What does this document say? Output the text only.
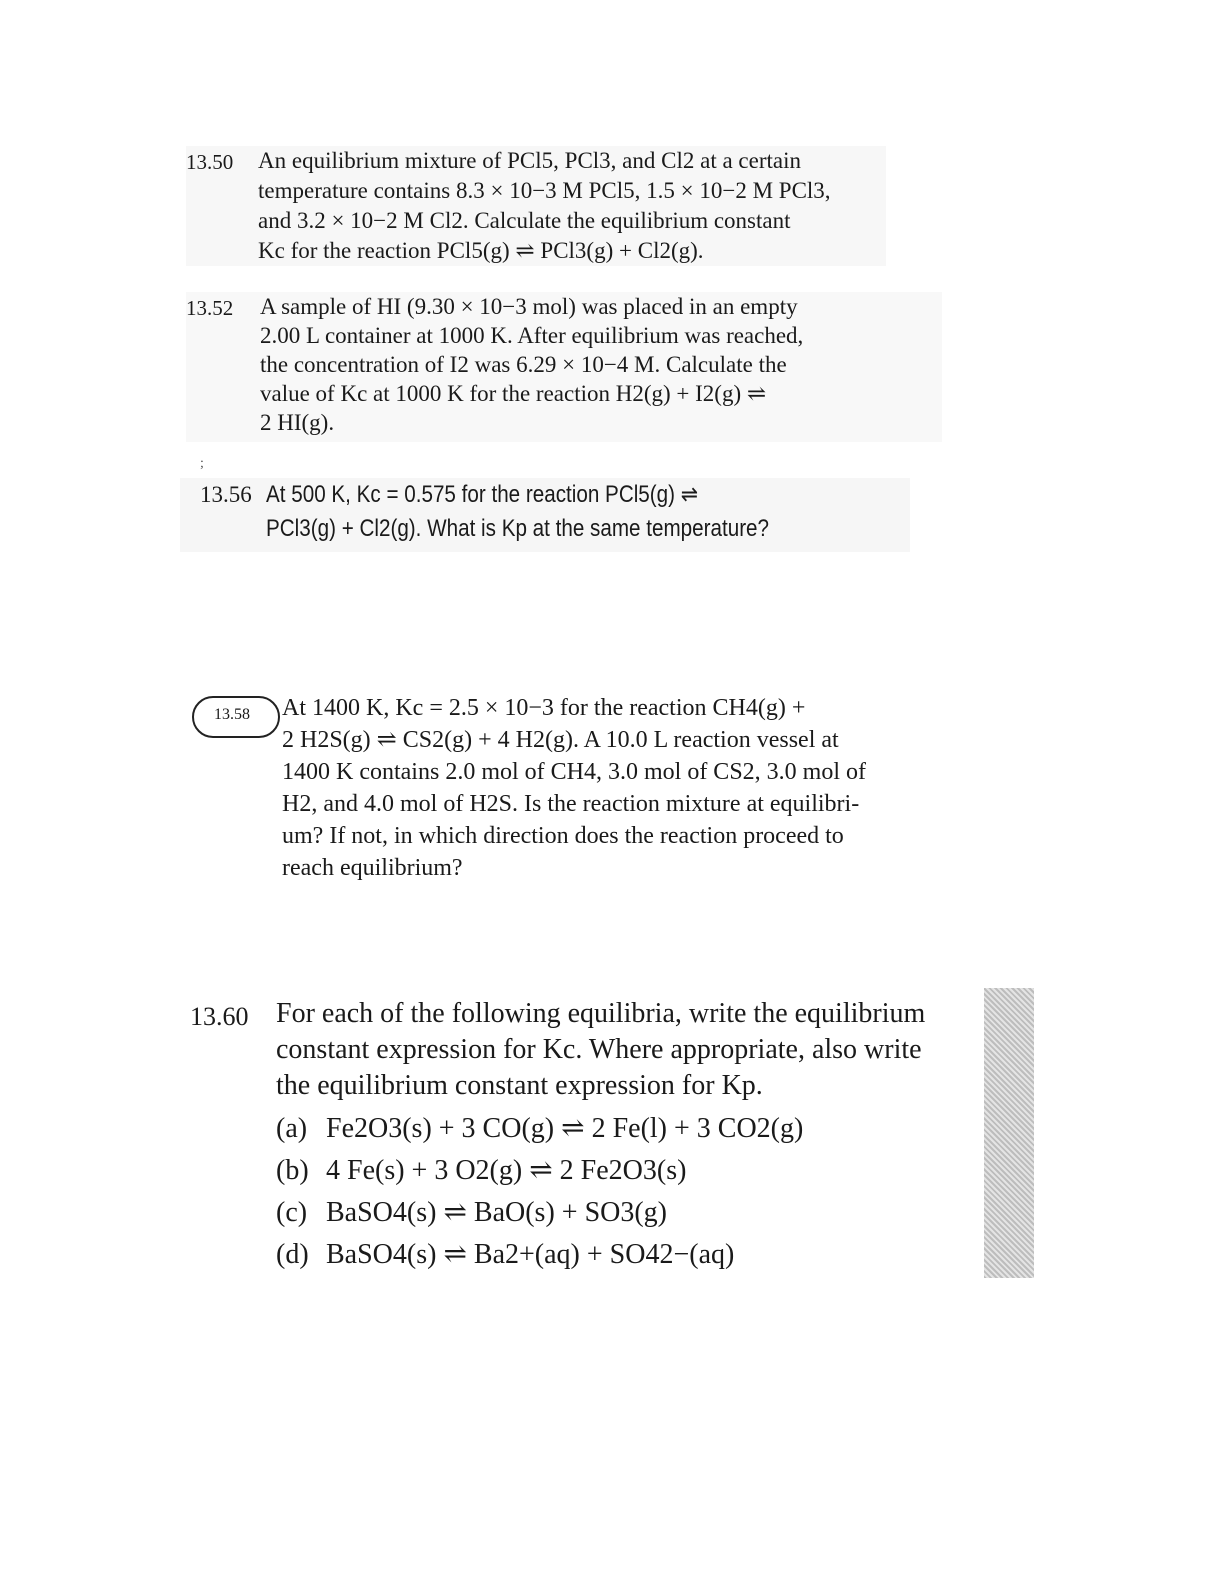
13.50 An equilibrium mixture of PCl5, PCl3, and Cl2 at a certain
temperature contains 8.3 × 10−3 M PCl5, 1.5 × 10−2 M PCl3,
and 3.2 × 10−2 M Cl2. Calculate the equilibrium constant
Kc for the reaction PCl5(g) ⇌ PCl3(g) + Cl2(g).
13.52 A sample of HI (9.30 × 10−3 mol) was placed in an empty
2.00 L container at 1000 K. After equilibrium was reached,
the concentration of I2 was 6.29 × 10−4 M. Calculate the
value of Kc at 1000 K for the reaction H2(g) + I2(g) ⇌
2 HI(g).
;
13.56 At 500 K, Kc = 0.575 for the reaction PCl5(g) ⇌
PCl3(g) + Cl2(g). What is Kp at the same temperature?
13.58 At 1400 K, Kc = 2.5 × 10−3 for the reaction CH4(g) +
2 H2S(g) ⇌ CS2(g) + 4 H2(g). A 10.0 L reaction vessel at
1400 K contains 2.0 mol of CH4, 3.0 mol of CS2, 3.0 mol of
H2, and 4.0 mol of H2S. Is the reaction mixture at equilibri-
um? If not, in which direction does the reaction proceed to
reach equilibrium?
13.60 For each of the following equilibria, write the equilibrium
constant expression for Kc. Where appropriate, also write
the equilibrium constant expression for Kp.
(a) Fe2O3(s) + 3 CO(g) ⇌ 2 Fe(l) + 3 CO2(g)
(b) 4 Fe(s) + 3 O2(g) ⇌ 2 Fe2O3(s)
(c) BaSO4(s) ⇌ BaO(s) + SO3(g)
(d) BaSO4(s) ⇌ Ba2+(aq) + SO42−(aq)
